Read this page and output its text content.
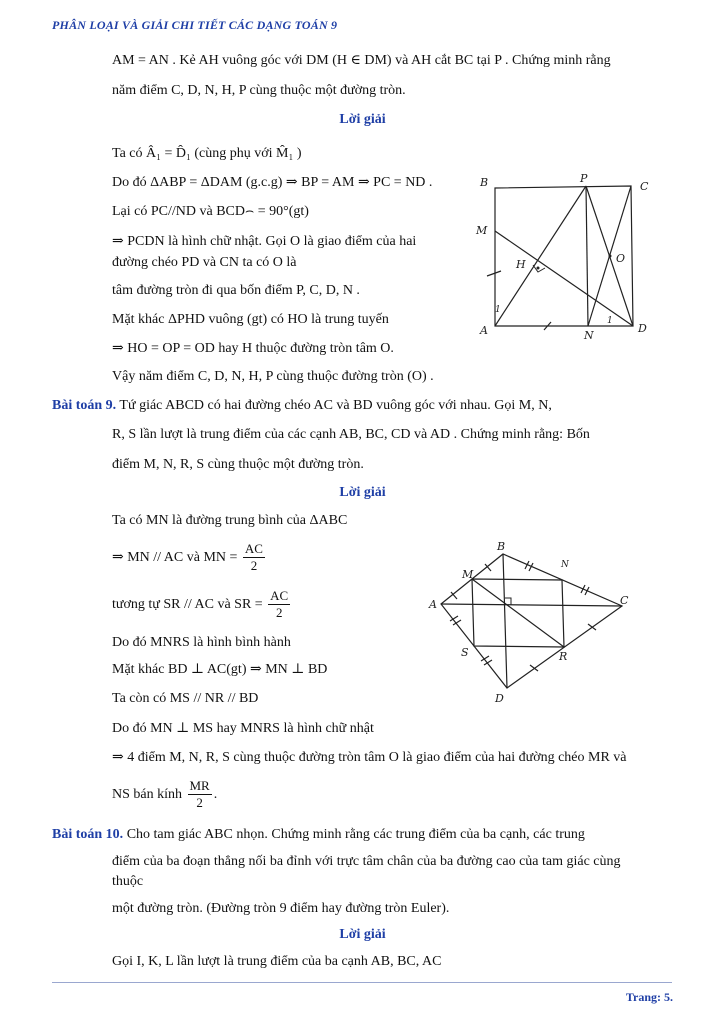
PHÂN LOẠI VÀ GIẢI CHI TIẾT CÁC DẠNG TOÁN 9
AM = AN . Kẻ AH vuông góc với DM (H ∈ DM) và AH cắt BC tại P . Chứng minh rằng
năm điểm C, D, N, H, P cùng thuộc một đường tròn.
Lời giải
Ta có Â₁ = D̂₁ (cùng phụ với M̂₁ )
Do đó ΔABP = ΔDAM (g.c.g) ⇒ BP = AM ⇒ PC = ND .
Lại có PC//ND và BCD⌢ = 90°(gt)
⇒ PCDN là hình chữ nhật. Gọi O là giao điểm của hai
đường chéo PD và CN ta có O là
tâm đường tròn đi qua bốn điểm P, C, D, N .
Mặt khác ΔPHD vuông (gt) có HO là trung tuyến
⇒ HO = OP = OD hay H thuộc đường tròn tâm O.
Vậy năm điểm C, D, N, H, P cùng thuộc đường tròn (O) .
B	P
C
M
H	O
1
1
A	N
D
Bài toán 9. Tứ giác ABCD có hai đường chéo AC và BD vuông góc với nhau. Gọi M, N,
R, S lần lượt là trung điểm của các cạnh AB, BC, CD và AD . Chứng minh rằng: Bốn
điểm M, N, R, S cùng thuộc một đường tròn.
Lời giải
Ta có MN là đường trung bình của ΔABC
⇒ MN // AC và MN = $\frac{AC}{2}$
tương tự SR // AC và SR = $\frac{AC}{2}$
Do đó MNRS là hình bình hành
Mặt khác BD ⊥ AC(gt) ⇒ MN ⊥ BD
Ta còn có MS // NR // BD
Do đó MN ⊥ MS hay MNRS là hình chữ nhật
⇒ 4 điểm M, N, R, S cùng thuộc đường tròn tâm O là giao điểm của hai đường chéo MR và
NS bán kính $\frac{MR}{2}$ .
B
M
N
A	C
S	R
D
Bài toán 10. Cho tam giác ABC nhọn. Chứng minh rằng các trung điểm của ba cạnh, các trung
điểm của ba đoạn thẳng nối ba đỉnh với trực tâm chân của ba đường cao của tam giác cùng
thuộc
một đường tròn. (Đường tròn 9 điểm hay đường tròn Euler).
Lời giải
Gọi I, K, L lần lượt là trung điểm của ba cạnh AB, BC, AC
Trang: 5.
